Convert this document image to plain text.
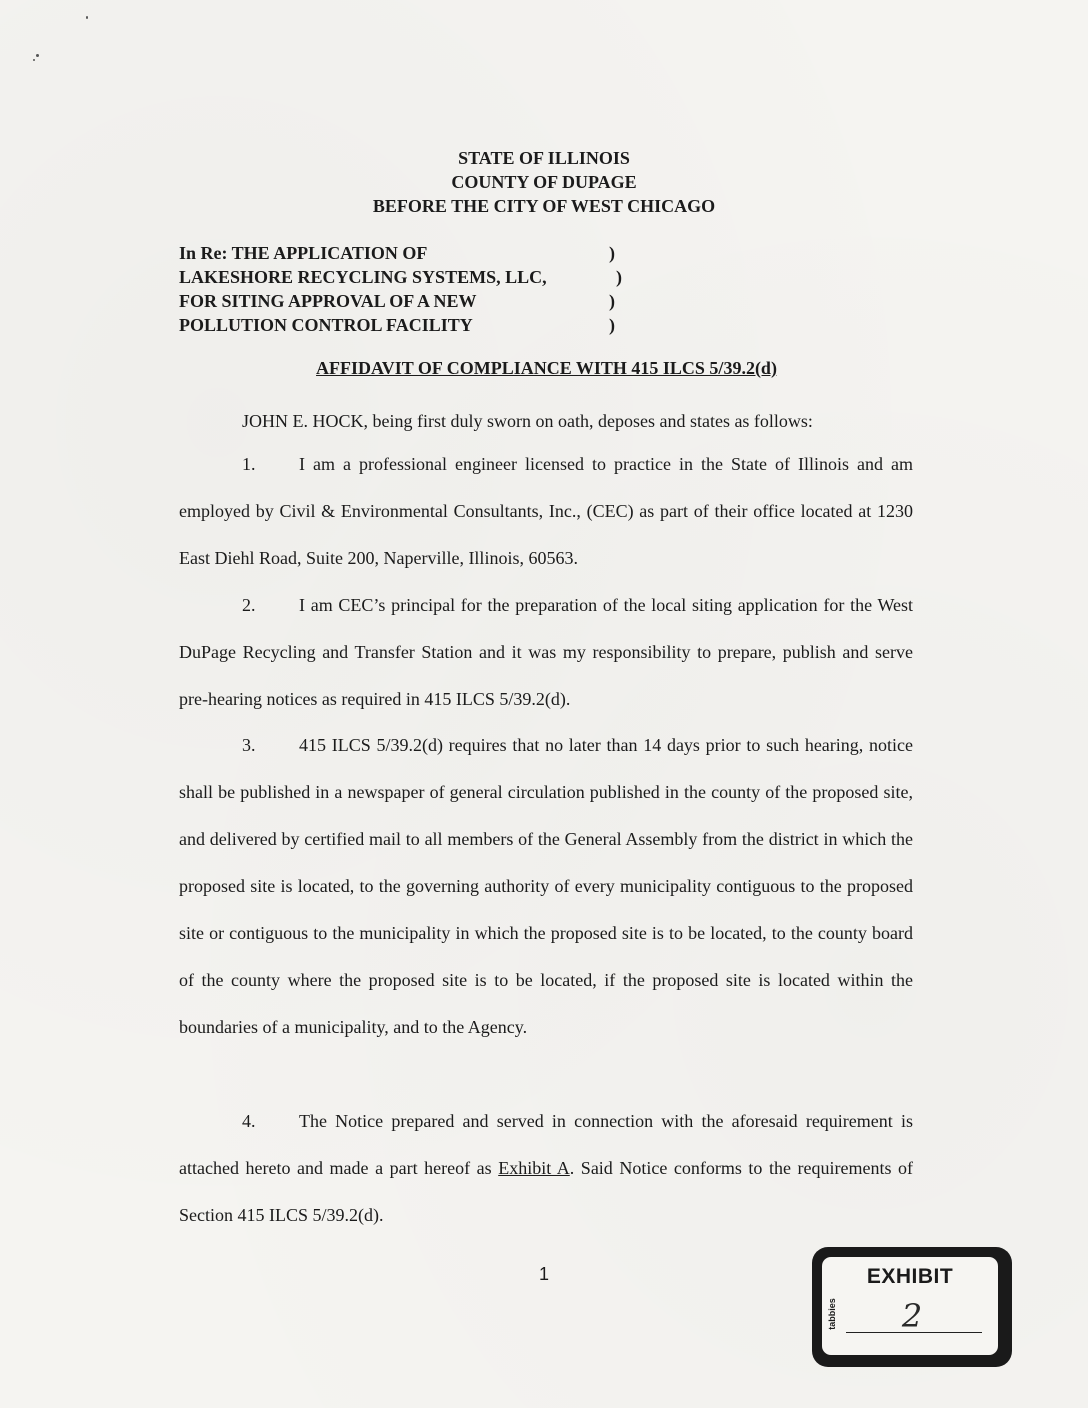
STATE OF ILLINOIS
COUNTY OF DUPAGE
BEFORE THE CITY OF WEST CHICAGO
In Re: THE APPLICATION OF	)
LAKESHORE RECYCLING SYSTEMS, LLC,	)
FOR SITING APPROVAL OF A NEW	)
POLLUTION CONTROL FACILITY	)
AFFIDAVIT OF COMPLIANCE WITH 415 ILCS 5/39.2(d)
JOHN E. HOCK, being first duly sworn on oath, deposes and states as follows:
1. I am a professional engineer licensed to practice in the State of Illinois and am employed by Civil & Environmental Consultants, Inc., (CEC) as part of their office located at 1230 East Diehl Road, Suite 200, Naperville, Illinois, 60563.
2. I am CEC’s principal for the preparation of the local siting application for the West DuPage Recycling and Transfer Station and it was my responsibility to prepare, publish and serve pre-hearing notices as required in 415 ILCS 5/39.2(d).
3. 415 ILCS 5/39.2(d) requires that no later than 14 days prior to such hearing, notice shall be published in a newspaper of general circulation published in the county of the proposed site, and delivered by certified mail to all members of the General Assembly from the district in which the proposed site is located, to the governing authority of every municipality contiguous to the proposed site or contiguous to the municipality in which the proposed site is to be located, to the county board of the county where the proposed site is to be located, if the proposed site is located within the boundaries of a municipality, and to the Agency.
4. The Notice prepared and served in connection with the aforesaid requirement is attached hereto and made a part hereof as Exhibit A. Said Notice conforms to the requirements of Section 415 ILCS 5/39.2(d).
1	EXHIBIT
tabbies	2
